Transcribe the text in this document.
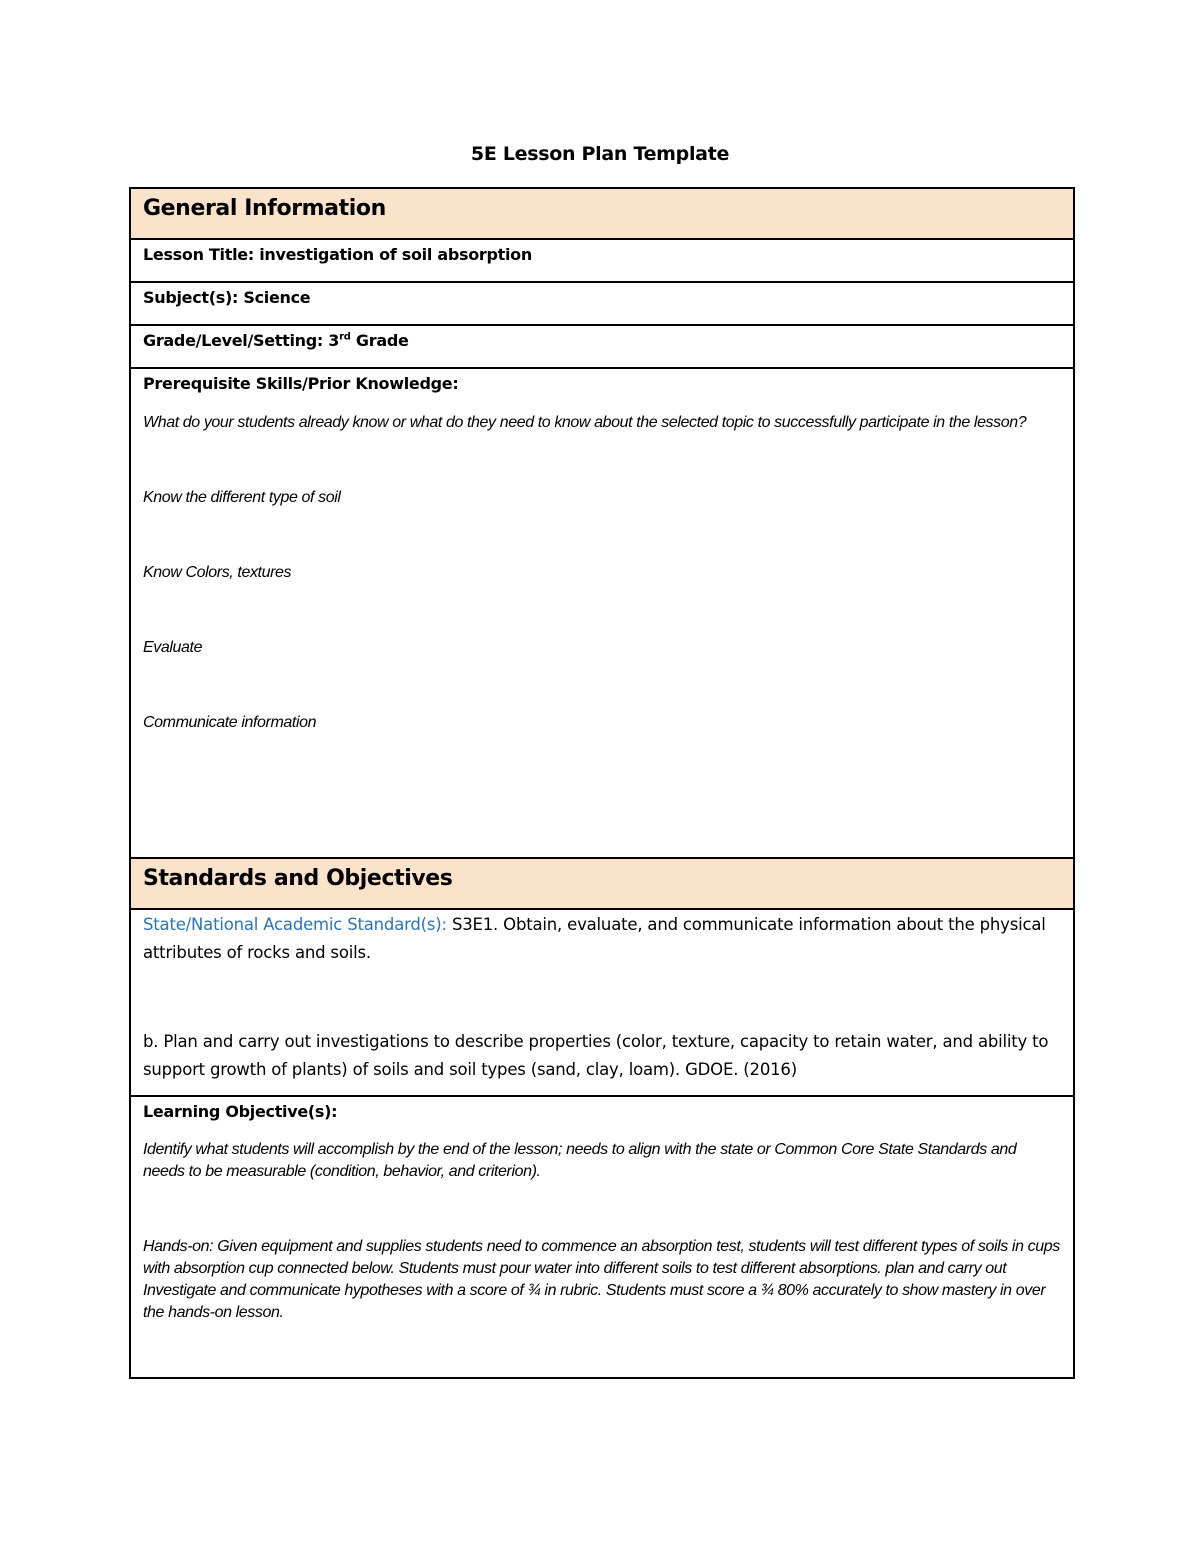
5E Lesson Plan Template
General Information

Lesson Title: investigation of soil absorption

Subject(s): Science

Grade/Level/Setting: 3rd Grade

Prerequisite Skills/Prior Knowledge:

What do your students already know or what do they need to know about the selected topic to successfully participate in the lesson?

Know the different type of soil

Know Colors, textures

Evaluate

Communicate information

Standards and Objectives

State/National Academic Standard(s): S3E1. Obtain, evaluate, and communicate information about the physical attributes of rocks and soils.

b. Plan and carry out investigations to describe properties (color, texture, capacity to retain water, and ability to support growth of plants) of soils and soil types (sand, clay, loam). GDOE. (2016)

Learning Objective(s):

Identify what students will accomplish by the end of the lesson; needs to align with the state or Common Core State Standards and needs to be measurable (condition, behavior, and criterion).

Hands-on: Given equipment and supplies students need to commence an absorption test, students will test different types of soils in cups with absorption cup connected below. Students must pour water into different soils to test different absorptions. plan and carry out Investigate and communicate hypotheses with a score of ¾ in rubric. Students must score a ¾ 80% accurately to show mastery in over the hands-on lesson.
